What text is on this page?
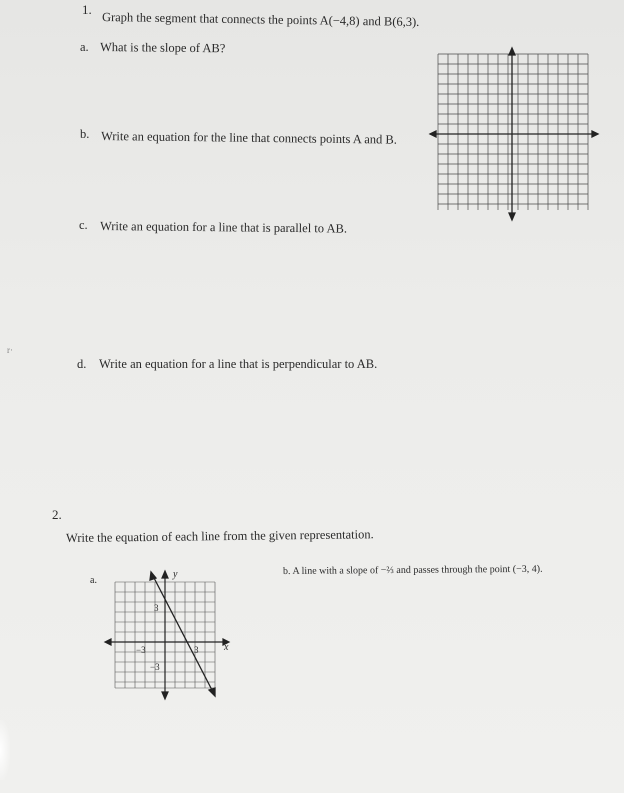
1.
Graph the segment that connects the points A(−4,8) and B(6,3).
a. What is the slope of AB?
b. Write an equation for the line that connects points A and B.
c. Write an equation for a line that is parallel to AB.
d. Write an equation for a line that is perpendicular to AB.
r·
2.
Write the equation of each line from the given representation.
a.
y
x
3
−3
−3	3
b. A line with a slope of −⅔ and passes through the point (−3, 4).
